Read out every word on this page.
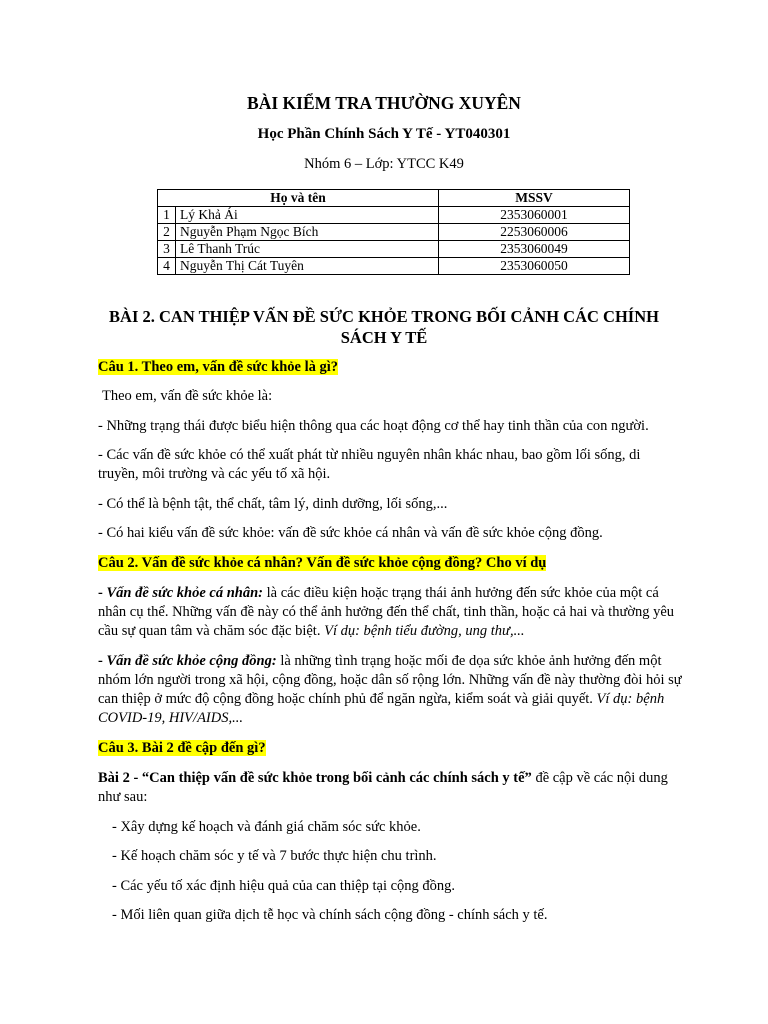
BÀI KIỂM TRA THƯỜNG XUYÊN
Học Phần Chính Sách Y Tế - YT040301
Nhóm 6 – Lớp: YTCC K49
Họ và tên		MSSV
1	Lý Khả Ái	2353060001
2	Nguyễn Phạm Ngọc Bích	2253060006
3	Lê Thanh Trúc	2353060049
4	Nguyễn Thị Cát Tuyên	2353060050
BÀI 2. CAN THIỆP VẤN ĐỀ SỨC KHỎE TRONG BỐI CẢNH CÁC CHÍNH SÁCH Y TẾ
Câu 1. Theo em, vấn đề sức khỏe là gì?
Theo em, vấn đề sức khỏe là:
- Những trạng thái được biểu hiện thông qua các hoạt động cơ thể hay tinh thần của con người.
- Các vấn đề sức khỏe có thể xuất phát từ nhiều nguyên nhân khác nhau, bao gồm lối sống, di truyền, môi trường và các yếu tố xã hội.
- Có thể là bệnh tật, thể chất, tâm lý, dinh dưỡng, lối sống,...
- Có hai kiểu vấn đề sức khỏe: vấn đề sức khỏe cá nhân và vấn đề sức khỏe cộng đồng.
Câu 2. Vấn đề sức khỏe cá nhân? Vấn đề sức khỏe cộng đồng? Cho ví dụ
- Vấn đề sức khỏe cá nhân: là các điều kiện hoặc trạng thái ảnh hưởng đến sức khỏe của một cá nhân cụ thể. Những vấn đề này có thể ảnh hưởng đến thể chất, tinh thần, hoặc cả hai và thường yêu cầu sự quan tâm và chăm sóc đặc biệt. Ví dụ: bệnh tiểu đường, ung thư,...
- Vấn đề sức khỏe cộng đồng: là những tình trạng hoặc mối đe dọa sức khỏe ảnh hưởng đến một nhóm lớn người trong xã hội, cộng đồng, hoặc dân số rộng lớn. Những vấn đề này thường đòi hỏi sự can thiệp ở mức độ cộng đồng hoặc chính phủ để ngăn ngừa, kiểm soát và giải quyết. Ví dụ: bệnh COVID-19, HIV/AIDS,...
Câu 3. Bài 2 đề cập đến gì?
Bài 2 - “Can thiệp vấn đề sức khỏe trong bối cảnh các chính sách y tế” đề cập về các nội dung như sau:
- Xây dựng kế hoạch và đánh giá chăm sóc sức khỏe.
- Kế hoạch chăm sóc y tế và 7 bước thực hiện chu trình.
- Các yếu tố xác định hiệu quả của can thiệp tại cộng đồng.
- Mối liên quan giữa dịch tễ học và chính sách cộng đồng - chính sách y tế.
